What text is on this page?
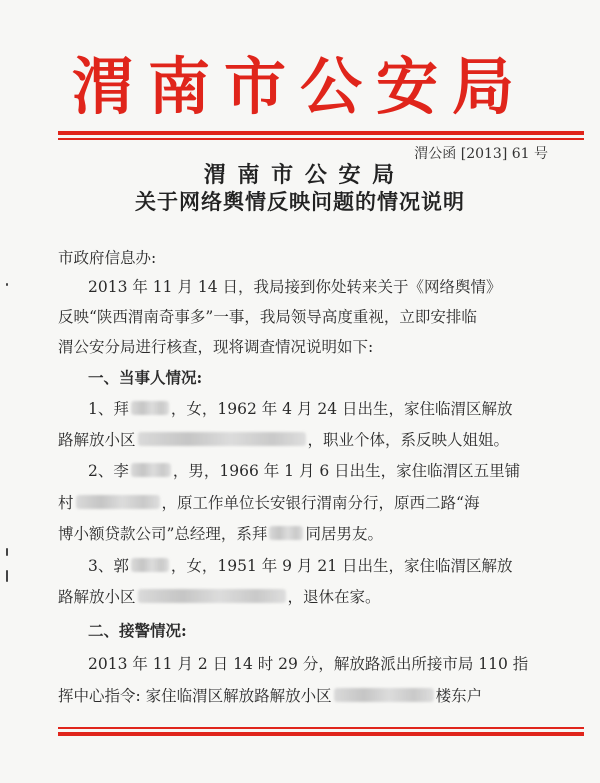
渭南市公安局
渭公函 [2013] 61 号
渭 南 市 公 安 局
关于网络舆情反映问题的情况说明
市政府信息办:
2013 年 11 月 14 日，我局接到你处转来关于《网络舆情》
反映“陕西渭南奇事多”一事，我局领导高度重视，立即安排临
渭公安分局进行核查，现将调查情况说明如下:
一、当事人情况:
1、拜	，女，1962 年 4 月 24 日出生，家住临渭区解放
路解放小区	，职业个体，系反映人姐姐。
2、李	，男，1966 年 1 月 6 日出生，家住临渭区五里铺
村	，原工作单位长安银行渭南分行，原西二路“海
博小额贷款公司”总经理，系拜 同居男友。
3、郭	，女，1951 年 9 月 21 日出生，家住临渭区解放
路解放小区	，退休在家。
二、接警情况:
2013 年 11 月 2 日 14 时 29 分，解放路派出所接市局 110 指
挥中心指令: 家住临渭区解放路解放小区	楼东户
